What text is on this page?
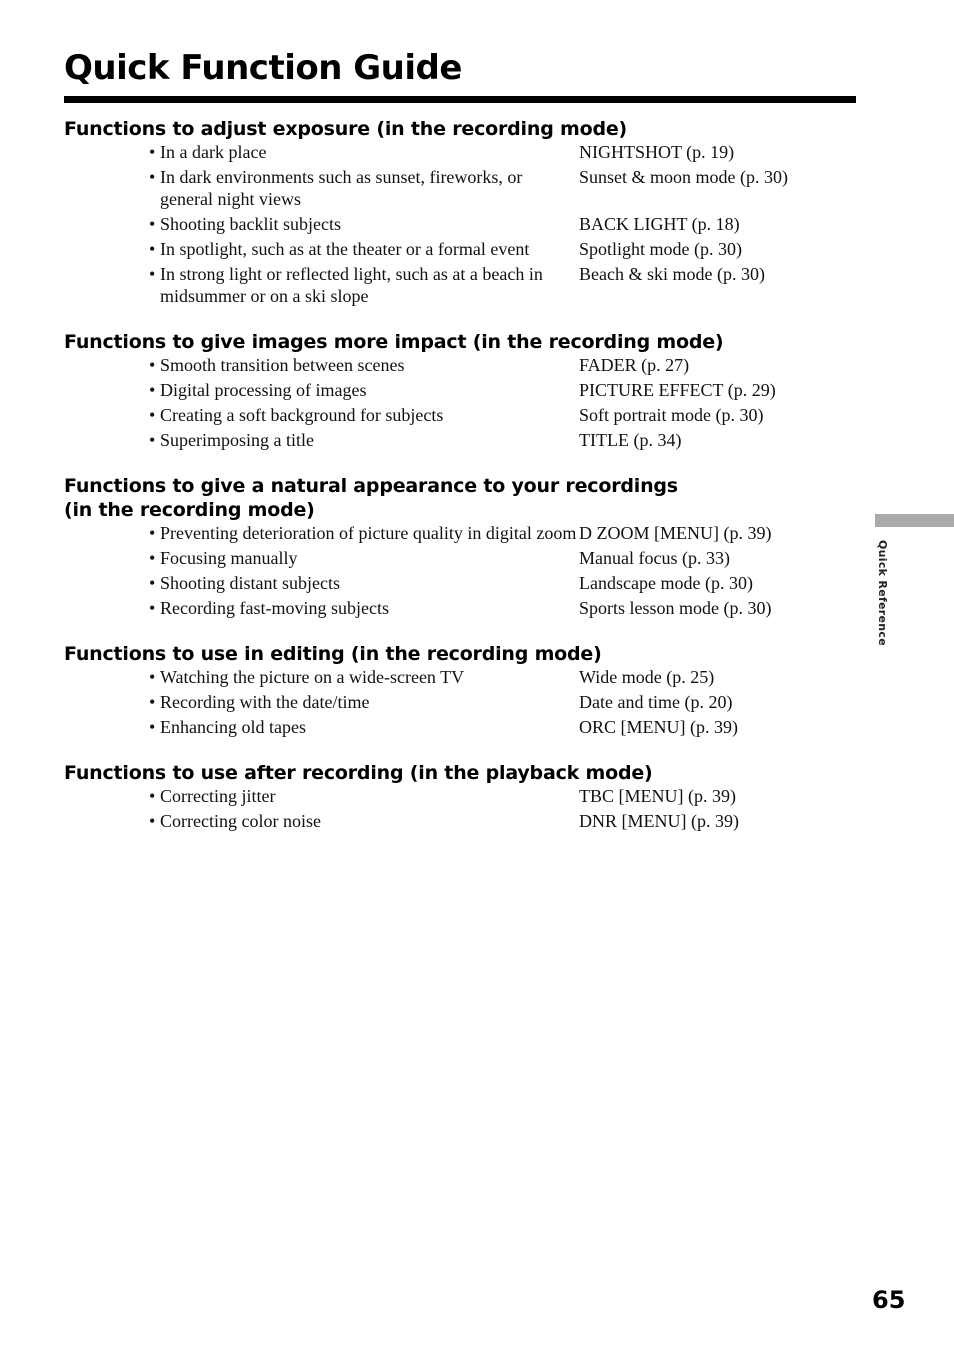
Quick Function Guide
Functions to adjust exposure (in the recording mode)
• In a dark place	NIGHTSHOT (p. 19)
• In dark environments such as sunset, fireworks, or general night views
Sunset & moon mode (p. 30)
• Shooting backlit subjects	BACK LIGHT (p. 18)
• In spotlight, such as at the theater or a formal event	Spotlight mode (p. 30)
• In strong light or reflected light, such as at a beach in midsummer or on a ski slope
Beach & ski mode (p. 30)
Functions to give images more impact (in the recording mode)
• Smooth transition between scenes	FADER (p. 27)
• Digital processing of images	PICTURE EFFECT (p. 29)
• Creating a soft background for subjects	Soft portrait mode (p. 30)
• Superimposing a title	TITLE (p. 34)
Functions to give a natural appearance to your recordings
(in the recording mode)
• Preventing deterioration of picture quality in digital zoom D ZOOM [MENU] (p. 39)
• Focusing manually	Manual focus (p. 33)
• Shooting distant subjects	Landscape mode (p. 30)
• Recording fast-moving subjects	Sports lesson mode (p. 30)
Functions to use in editing (in the recording mode)
• Watching the picture on a wide-screen TV	Wide mode (p. 25)
• Recording with the date/time	Date and time (p. 20)
• Enhancing old tapes	ORC [MENU] (p. 39)
Functions to use after recording (in the playback mode)
• Correcting jitter	TBC [MENU] (p. 39)
• Correcting color noise	DNR [MENU] (p. 39)
Quick Reference
65
